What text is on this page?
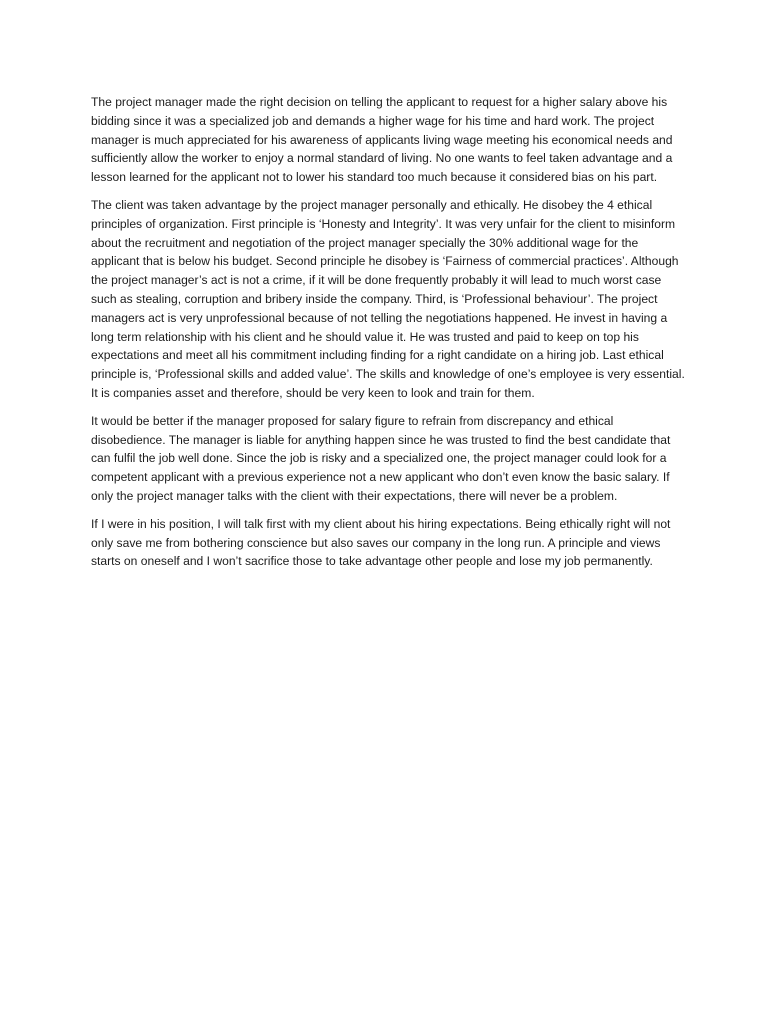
The project manager made the right decision on telling the applicant to request for a higher salary above his bidding since it was a specialized job and demands a higher wage for his time and hard work. The project manager is much appreciated for his awareness of applicants living wage meeting his economical needs and sufficiently allow the worker to enjoy a normal standard of living. No one wants to feel taken advantage and a lesson learned for the applicant not to lower his standard too much because it considered bias on his part.

The client was taken advantage by the project manager personally and ethically. He disobey the 4 ethical principles of organization. First principle is ‘Honesty and Integrity’. It was very unfair for the client to misinform about the recruitment and negotiation of the project manager specially the 30% additional wage for the applicant that is below his budget. Second principle he disobey is ‘Fairness of commercial practices’. Although the project manager’s act is not a crime, if it will be done frequently probably it will lead to much worst case such as stealing, corruption and bribery inside the company. Third, is ‘Professional behaviour’. The project managers act is very unprofessional because of not telling the negotiations happened. He invest in having a long term relationship with his client and he should value it. He was trusted and paid to keep on top his expectations and meet all his commitment including finding for a right candidate on a hiring job. Last ethical principle is, ‘Professional skills and added value’. The skills and knowledge of one’s employee is very essential. It is companies asset and therefore, should be very keen to look and train for them.

It would be better if the manager proposed for salary figure to refrain from discrepancy and ethical disobedience. The manager is liable for anything happen since he was trusted to find the best candidate that can fulfil the job well done. Since the job is risky and a specialized one, the project manager could look for a competent applicant with a previous experience not a new applicant who don’t even know the basic salary. If only the project manager talks with the client with their expectations, there will never be a problem.

If I were in his position, I will talk first with my client about his hiring expectations. Being ethically right will not only save me from bothering conscience but also saves our company in the long run. A principle and views starts on oneself and I won’t sacrifice those to take advantage other people and lose my job permanently.
